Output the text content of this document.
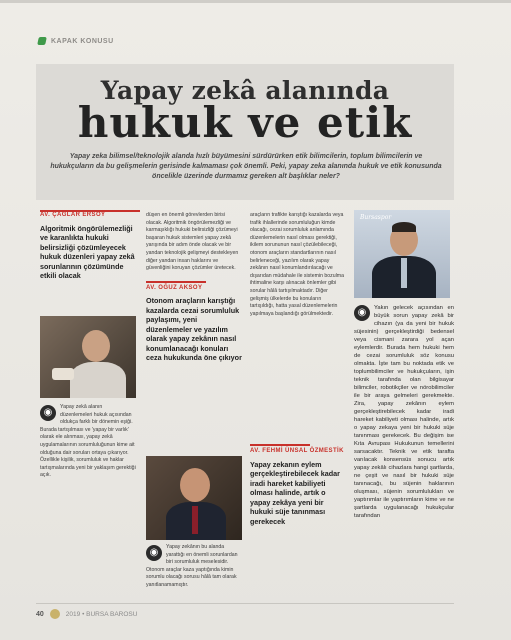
KAPAK KONUSU
Yapay zekâ alanında
hukuk ve etik
Yapay zeka bilimsel/teknolojik alanda hızlı büyümesini sürdürürken etik bilimcilerin, toplum bilimcilerin ve hukukçuların da bu gelişmelerin gerisinde kalmaması çok önemli. Peki, yapay zeka alanında hukuk ve etik konusunda öncelikle üzerinde durmamız gereken alt başlıklar neler?
AV. ÇAĞLAR ERSOY
Algoritmik öngörülemezliği ve karanlıkta hukuki belirsizliği çözümleyecek hukuk düzenleri yapay zekâ sorunlarının çözümünde etkili olacak
◉	Yapay zekâ alanın düzenlemeleri hukuk açısından oldukça farklı bir dönemin eşiği. Burada tartışılması ve 'yapay bir varlık' olarak ele alınması, yapay zekâ uygulamalarının sorumluluğunun kime ait olduğuna dair soruları ortaya çıkarıyor. Özellikle kişilik, sorumluluk ve haklar tartışmalarında yeni bir yaklaşım gerektiği açık.

düşen en önemli görevlerden birisi olacak. Algoritmik öngörülemezliği ve karmaşıklığı hukuki belirsizliği çözümeyi başaran hukuk sistemleri yapay zekâ yarışında bir adım önde olacak ve bir yandan teknolojik gelişmeyi destekleyen diğer yandan insan haklarını ve güvenliğini koruyan çözümler üretecek.

AV. OĞUZ AKSOY
Otonom araçların karıştığı kazalarda cezai sorumluluk paylaşımı, yeni düzenlemeler ve yazılım olarak yapay zekânın nasıl konumlanacağı konuları ceza hukukunda öne çıkıyor
◉	Yapay zekânın bu alanda yarattığı en önemli sorunlardan biri sorumluluk meselesidir. Otonom araçlar kaza yaptığında kimin sorumlu olacağı sorusu hâlâ tam olarak yanıtlanamamıştır.

araçların trafikte karıştığı kazalarda veya trafik ihlallerinde sorumluluğun kimde olacağı, cezai sorumluluk anlamında düzenlemelerin nasıl olması gerektiği, ikilem sorununun nasıl çözülebileceği, otonom araçların standartlarının nasıl belirleneceği, yazılım olarak yapay zekânın nasıl konumlandırılacağı ve dışarıdan müdahale ile sistemin bozulma ihtimaline karşı alınacak önlemler gibi sorular hâlâ tartışılmaktadır. Diğer gelişmiş ülkelerde bu konuların tartışıldığı, hatta yasal düzenlemelerin yapılmaya başlandığı görülmektedir.

AV. FEHMİ ÜNSAL ÖZMESTİK
Yapay zekanın eylem gerçekleştirebilecek kadar iradi hareket kabiliyeti olması halinde, artık o yapay zekâya yeni bir hukuki süje tanınması gerekecek
Bursaspor
◉	Yakın gelecek açısından en büyük sorun yapay zekâ bir cihazın (ya da yeni bir hukuk süjesinin) gerçekleştirdiği bedensel veya cismani zarara yol açan eylemlerdir. Burada hem hukuki hem de cezai sorumluluk söz konusu olmakta. İşte tam bu noktada etik ve toplumbilimciler ve hukukçuların, işin teknik tarafında olan bilgisayar bilimciler, robotikçiler ve nörobilimciler ile bir araya gelmeleri gerekmekte. Zira, yapay zekânın eylem gerçekleştirebilecek kadar iradi hareket kabiliyeti olması halinde, artık o yapay zekaya yeni bir hukuki süje tanınması gerekecek. Bu değişim ise Kıta Avrupası Hukukunun temellerini sarsacaktır. Teknik ve etik tarafta varılacak konsensüs sonucu artık yapay zekâlı cihazlara hangi şartlarda, ne çeşit ve nasıl bir hukuki süje tanınacağı, bu süjenin haklarının oluşması, süjenin sorumlulukları ve yaptırımlar ile yaptırımların kime ve ne şartlarda uygulanacağı hukukçular tarafından
40	2019 • BURSA BAROSU
